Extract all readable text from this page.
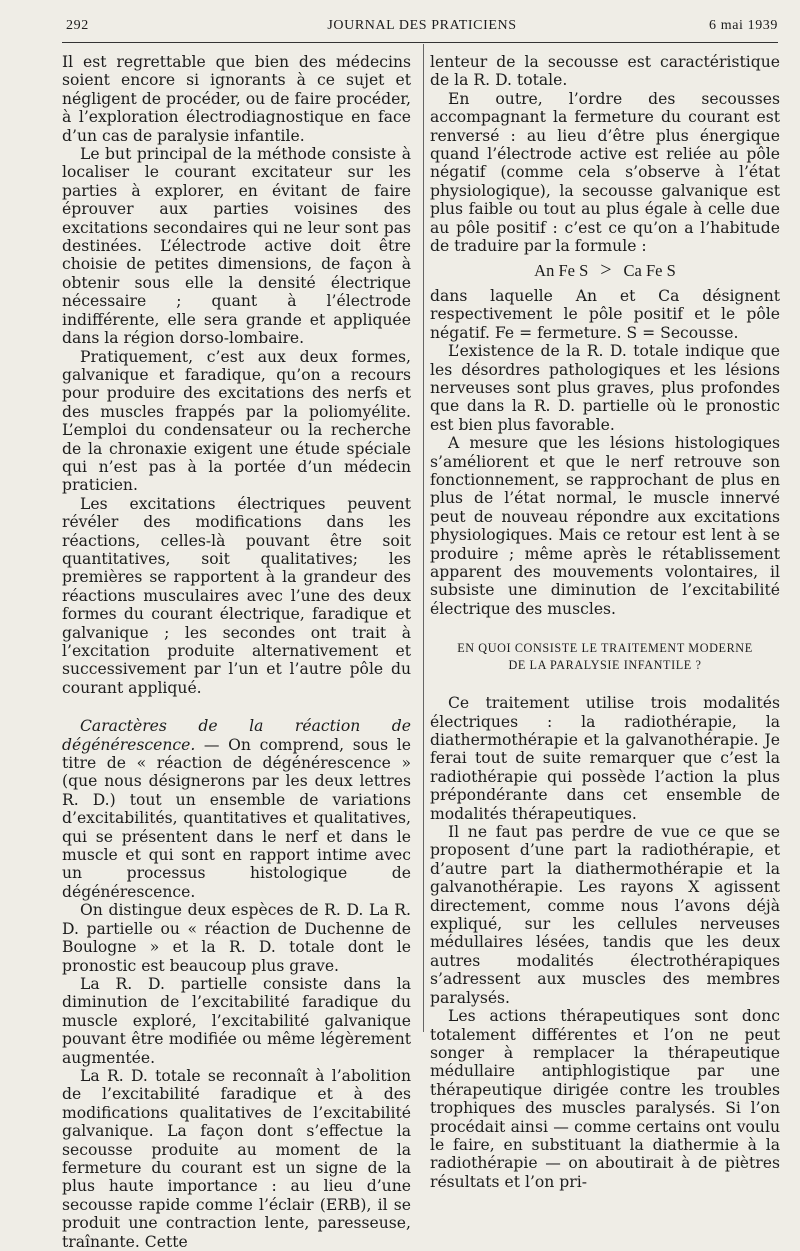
292	JOURNAL DES PRATICIENS	6 mai 1939

Il est regrettable que bien des médecins soient encore si ignorants à ce sujet et négligent de procéder, ou de faire procéder, à l’exploration électrodiagnostique en face d’un cas de paralysie infantile.

Le but principal de la méthode consiste à localiser le courant excitateur sur les parties à explorer, en évitant de faire éprouver aux parties voisines des excitations secondaires qui ne leur sont pas destinées. L’électrode active doit être choisie de petites dimensions, de façon à obtenir sous elle la densité électrique nécessaire ; quant à l’électrode indifférente, elle sera grande et appliquée dans la région dorso-lombaire.

Pratiquement, c’est aux deux formes, galvanique et faradique, qu’on a recours pour produire des excitations des nerfs et des muscles frappés par la poliomyélite. L’emploi du condensateur ou la recherche de la chronaxie exigent une étude spéciale qui n’est pas à la portée d’un médecin praticien.

Les excitations électriques peuvent révéler des modifications dans les réactions, celles-là pouvant être soit quantitatives, soit qualitatives; les premières se rapportent à la grandeur des réactions musculaires avec l’une des deux formes du courant électrique, faradique et galvanique ; les secondes ont trait à l’excitation produite alternativement et successivement par l’un et l’autre pôle du courant appliqué.

Caractères de la réaction de dégénérescence. — On comprend, sous le titre de « réaction de dégénérescence » (que nous désignerons par les deux lettres R. D.) tout un ensemble de variations d’excitabilités, quantitatives et qualitatives, qui se présentent dans le nerf et dans le muscle et qui sont en rapport intime avec un processus histologique de dégénérescence.

On distingue deux espèces de R. D. La R. D. partielle ou « réaction de Duchenne de Boulogne » et la R. D. totale dont le pronostic est beaucoup plus grave.

La R. D. partielle consiste dans la diminution de l’excitabilité faradique du muscle exploré, l’excitabilité galvanique pouvant être modifiée ou même légèrement augmentée.

La R. D. totale se reconnaît à l’abolition de l’excitabilité faradique et à des modifications qualitatives de l’excitabilité galvanique. La façon dont s’effectue la secousse produite au moment de la fermeture du courant est un signe de la plus haute importance : au lieu d’une secousse rapide comme l’éclair (ERB), il se produit une contraction lente, paresseuse, traînante. Cette

lenteur de la secousse est caractéristique de la R. D. totale.

En outre, l’ordre des secousses accompagnant la fermeture du courant est renversé : au lieu d’être plus énergique quand l’électrode active est reliée au pôle négatif (comme cela s’observe à l’état physiologique), la secousse galvanique est plus faible ou tout au plus égale à celle due au pôle positif : c’est ce qu’on a l’habitude de traduire par la formule :

An Fe S > Ca Fe S

dans laquelle An et Ca désignent respectivement le pôle positif et le pôle négatif. Fe = fermeture. S = Secousse.

L’existence de la R. D. totale indique que les désordres pathologiques et les lésions nerveuses sont plus graves, plus profondes que dans la R. D. partielle où le pronostic est bien plus favorable.

A mesure que les lésions histologiques s’améliorent et que le nerf retrouve son fonctionnement, se rapprochant de plus en plus de l’état normal, le muscle innervé peut de nouveau répondre aux excitations physiologiques. Mais ce retour est lent à se produire ; même après le rétablissement apparent des mouvements volontaires, il subsiste une diminution de l’excitabilité électrique des muscles.

EN QUOI CONSISTE LE TRAITEMENT MODERNE
DE LA PARALYSIE INFANTILE ?

Ce traitement utilise trois modalités électriques : la radiothérapie, la diathermothérapie et la galvanothérapie. Je ferai tout de suite remarquer que c’est la radiothérapie qui possède l’action la plus prépondérante dans cet ensemble de modalités thérapeutiques.

Il ne faut pas perdre de vue ce que se proposent d’une part la radiothérapie, et d’autre part la diathermothérapie et la galvanothérapie. Les rayons X agissent directement, comme nous l’avons déjà expliqué, sur les cellules nerveuses médullaires lésées, tandis que les deux autres modalités électrothérapiques s’adressent aux muscles des membres paralysés.

Les actions thérapeutiques sont donc totalement différentes et l’on ne peut songer à remplacer la thérapeutique médullaire antiphlogistique par une thérapeutique dirigée contre les troubles trophiques des muscles paralysés. Si l’on procédait ainsi — comme certains ont voulu le faire, en substituant la diathermie à la radiothérapie — on aboutirait à de piètres résultats et l’on pri-
